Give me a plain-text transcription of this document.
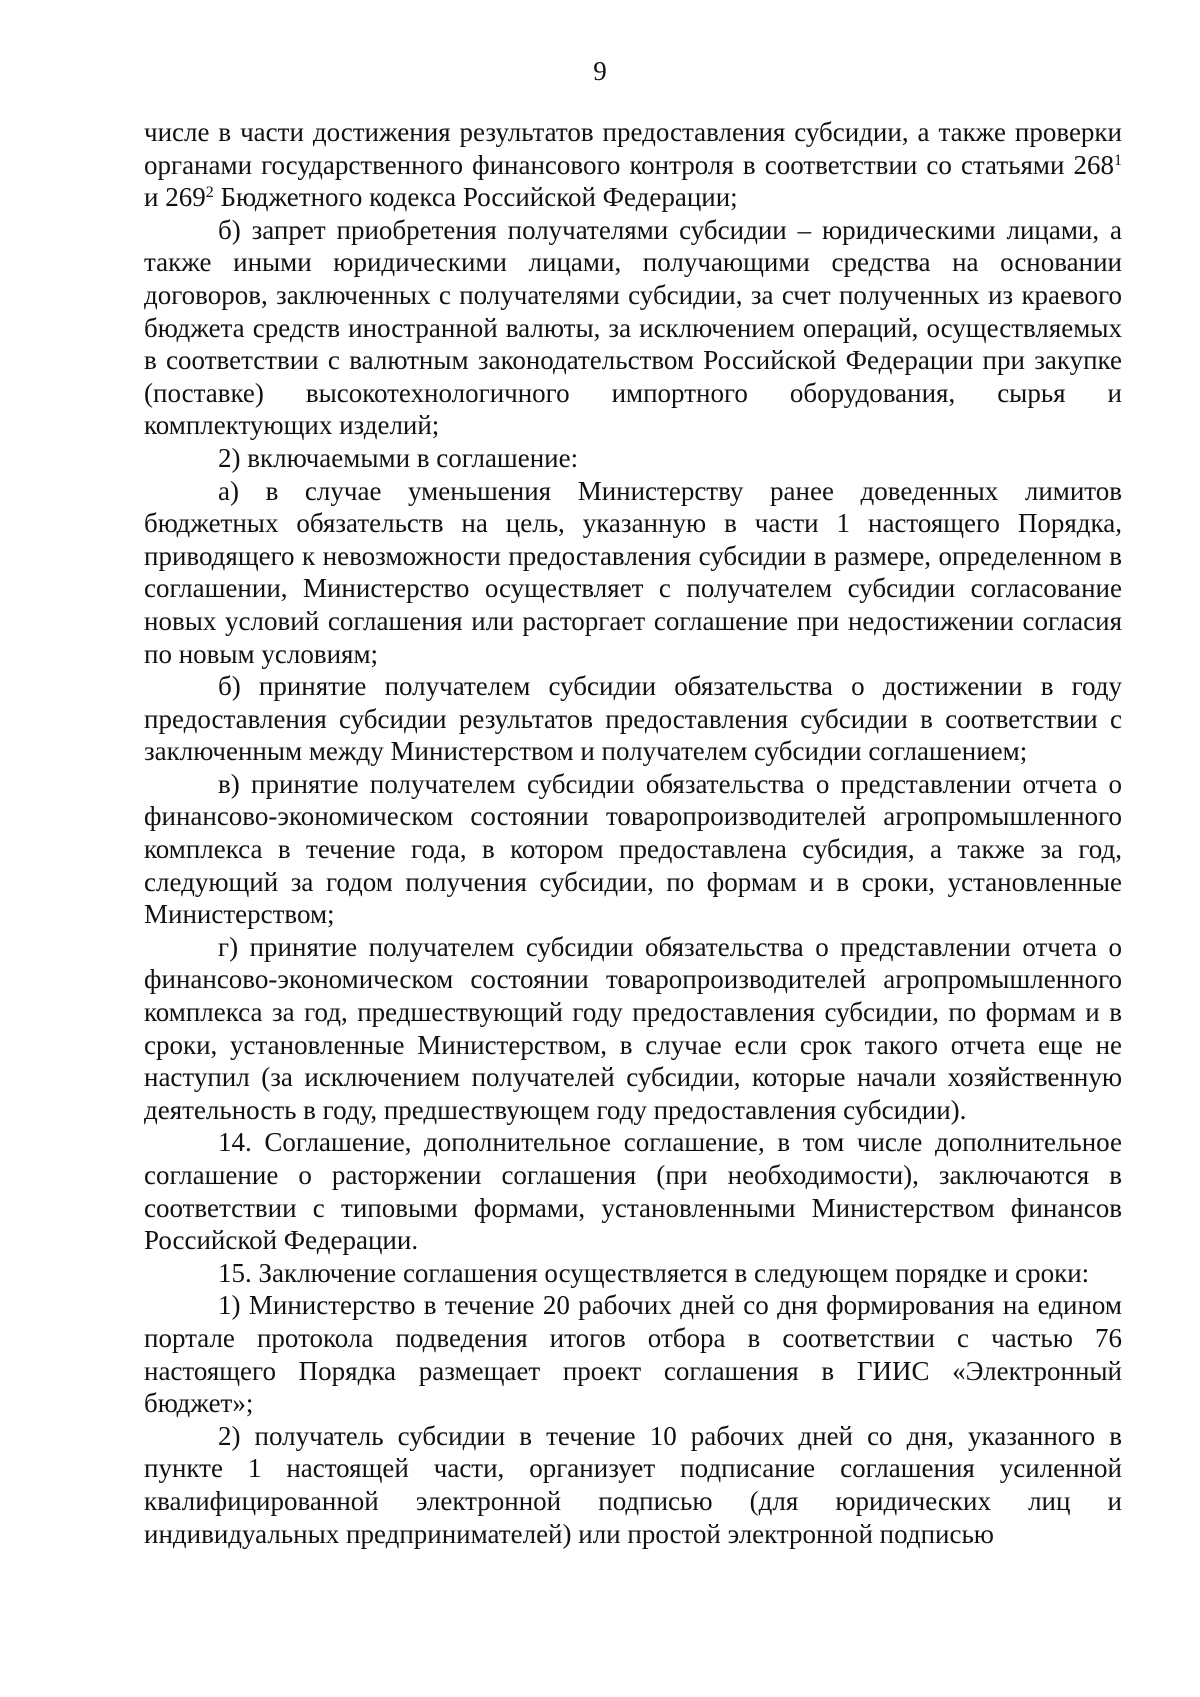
9

числе в части достижения результатов предоставления субсидии, а также проверки органами государственного финансового контроля в соответствии со статьями $268^1$ и $269^2$ Бюджетного кодекса Российской Федерации;

б) запрет приобретения получателями субсидии – юридическими лицами, а также иными юридическими лицами, получающими средства на основании договоров, заключенных с получателями субсидии, за счет полученных из краевого бюджета средств иностранной валюты, за исключением операций, осуществляемых в соответствии с валютным законодательством Российской Федерации при закупке (поставке) высокотехнологичного импортного оборудования, сырья и комплектующих изделий;

2) включаемыми в соглашение:

а) в случае уменьшения Министерству ранее доведенных лимитов бюджетных обязательств на цель, указанную в части 1 настоящего Порядка, приводящего к невозможности предоставления субсидии в размере, определенном в соглашении, Министерство осуществляет с получателем субсидии согласование новых условий соглашения или расторгает соглашение при недостижении согласия по новым условиям;

б) принятие получателем субсидии обязательства о достижении в году предоставления субсидии результатов предоставления субсидии в соответствии с заключенным между Министерством и получателем субсидии соглашением;

в) принятие получателем субсидии обязательства о представлении отчета о финансово-экономическом состоянии товаропроизводителей агропромышленного комплекса в течение года, в котором предоставлена субсидия, а также за год, следующий за годом получения субсидии, по формам и в сроки, установленные Министерством;

г) принятие получателем субсидии обязательства о представлении отчета о финансово-экономическом состоянии товаропроизводителей агропромышленного комплекса за год, предшествующий году предоставления субсидии, по формам и в сроки, установленные Министерством, в случае если срок такого отчета еще не наступил (за исключением получателей субсидии, которые начали хозяйственную деятельность в году, предшествующем году предоставления субсидии).

14. Соглашение, дополнительное соглашение, в том числе дополнительное соглашение о расторжении соглашения (при необходимости), заключаются в соответствии с типовыми формами, установленными Министерством финансов Российской Федерации.

15. Заключение соглашения осуществляется в следующем порядке и сроки:

1) Министерство в течение 20 рабочих дней со дня формирования на едином портале протокола подведения итогов отбора в соответствии с частью 76 настоящего Порядка размещает проект соглашения в ГИИС «Электронный бюджет»;

2) получатель субсидии в течение 10 рабочих дней со дня, указанного в пункте 1 настоящей части, организует подписание соглашения усиленной квалифицированной электронной подписью (для юридических лиц и индивидуальных предпринимателей) или простой электронной подписью
